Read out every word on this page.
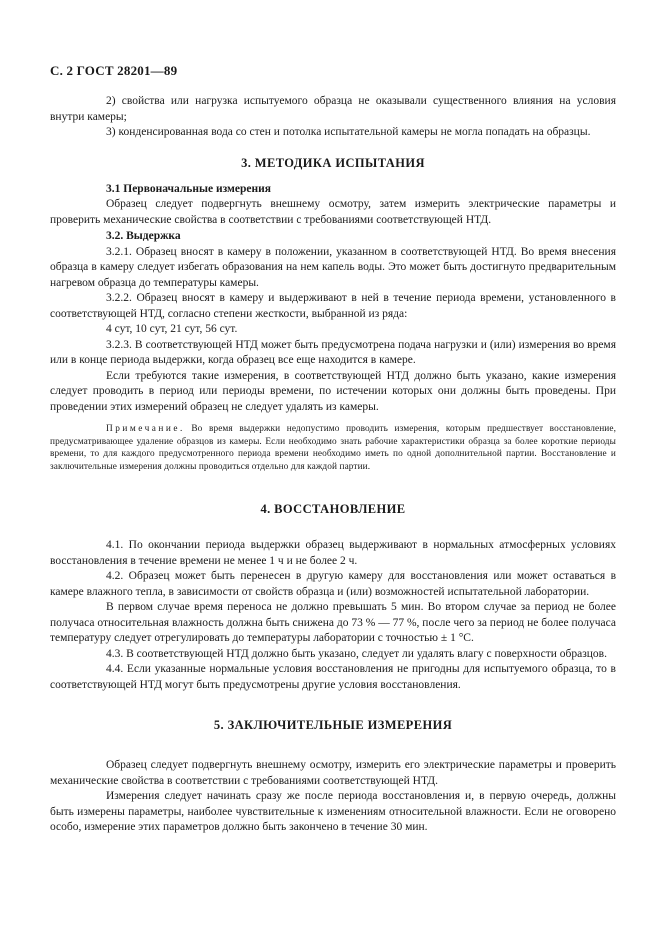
С. 2 ГОСТ 28201—89

2) свойства или нагрузка испытуемого образца не оказывали существенного влияния на условия внутри камеры;

3) конденсированная вода со стен и потолка испытательной камеры не могла попадать на образцы.

3. МЕТОДИКА ИСПЫТАНИЯ

3.1 Первоначальные измерения

Образец следует подвергнуть внешнему осмотру, затем измерить электрические параметры и проверить механические свойства в соответствии с требованиями соответствующей НТД.

3.2. Выдержка

3.2.1. Образец вносят в камеру в положении, указанном в соответствующей НТД. Во время внесения образца в камеру следует избегать образования на нем капель воды. Это может быть достигнуто предварительным нагревом образца до температуры камеры.

3.2.2. Образец вносят в камеру и выдерживают в ней в течение периода времени, установленного в соответствующей НТД, согласно степени жесткости, выбранной из ряда:

4 сут, 10 сут, 21 сут, 56 сут.

3.2.3. В соответствующей НТД может быть предусмотрена подача нагрузки и (или) измерения во время или в конце периода выдержки, когда образец все еще находится в камере.

Если требуются такие измерения, в соответствующей НТД должно быть указано, какие измерения следует проводить в период или периоды времени, по истечении которых они должны быть проведены. При проведении этих измерений образец не следует удалять из камеры.

Примечание. Во время выдержки недопустимо проводить измерения, которым предшествует восстановление, предусматривающее удаление образцов из камеры. Если необходимо знать рабочие характеристики образца за более короткие периоды времени, то для каждого предусмотренного периода времени необходимо иметь по одной дополнительной партии. Восстановление и заключительные измерения должны проводиться отдельно для каждой партии.

4. ВОССТАНОВЛЕНИЕ

4.1. По окончании периода выдержки образец выдерживают в нормальных атмосферных условиях восстановления в течение времени не менее 1 ч и не более 2 ч.

4.2. Образец может быть перенесен в другую камеру для восстановления или может оставаться в камере влажного тепла, в зависимости от свойств образца и (или) возможностей испытательной лаборатории.

В первом случае время переноса не должно превышать 5 мин. Во втором случае за период не более получаса относительная влажность должна быть снижена до 73 % — 77 %, после чего за период не более получаса температуру следует отрегулировать до температуры лаборатории с точностью ± 1 °С.

4.3. В соответствующей НТД должно быть указано, следует ли удалять влагу с поверхности образцов.

4.4. Если указанные нормальные условия восстановления не пригодны для испытуемого образца, то в соответствующей НТД могут быть предусмотрены другие условия восстановления.

5. ЗАКЛЮЧИТЕЛЬНЫЕ ИЗМЕРЕНИЯ

Образец следует подвергнуть внешнему осмотру, измерить его электрические параметры и проверить механические свойства в соответствии с требованиями соответствующей НТД.

Измерения следует начинать сразу же после периода восстановления и, в первую очередь, должны быть измерены параметры, наиболее чувствительные к изменениям относительной влажности. Если не оговорено особо, измерение этих параметров должно быть закончено в течение 30 мин.
